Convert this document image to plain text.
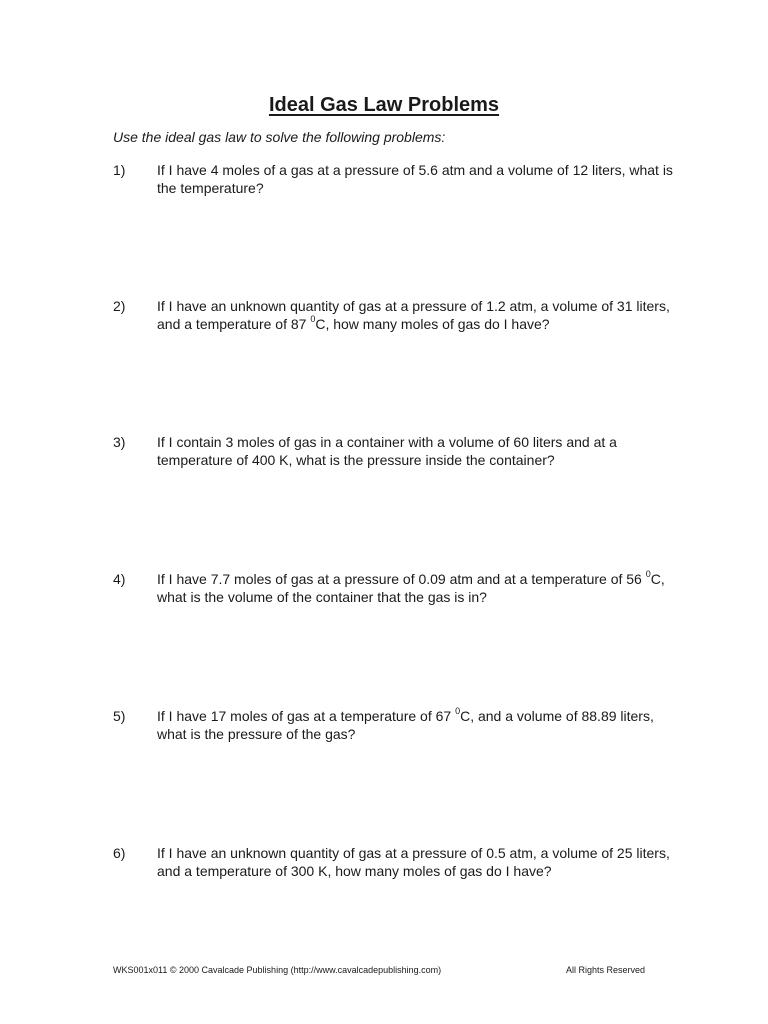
Ideal Gas Law Problems

Use the ideal gas law to solve the following problems:

1) If I have 4 moles of a gas at a pressure of 5.6 atm and a volume of 12 liters, what is the temperature?
2) If I have an unknown quantity of gas at a pressure of 1.2 atm, a volume of 31 liters, and a temperature of 87 $^0$C, how many moles of gas do I have?
3) If I contain 3 moles of gas in a container with a volume of 60 liters and at a temperature of 400 K, what is the pressure inside the container?
4) If I have 7.7 moles of gas at a pressure of 0.09 atm and at a temperature of 56 $^0$C, what is the volume of the container that the gas is in?
5) If I have 17 moles of gas at a temperature of 67 $^0$C, and a volume of 88.89 liters, what is the pressure of the gas?
6) If I have an unknown quantity of gas at a pressure of 0.5 atm, a volume of 25 liters, and a temperature of 300 K, how many moles of gas do I have?
WKS001x011 © 2000 Cavalcade Publishing (http://www.cavalcadepublishing.com)	All Rights Reserved
